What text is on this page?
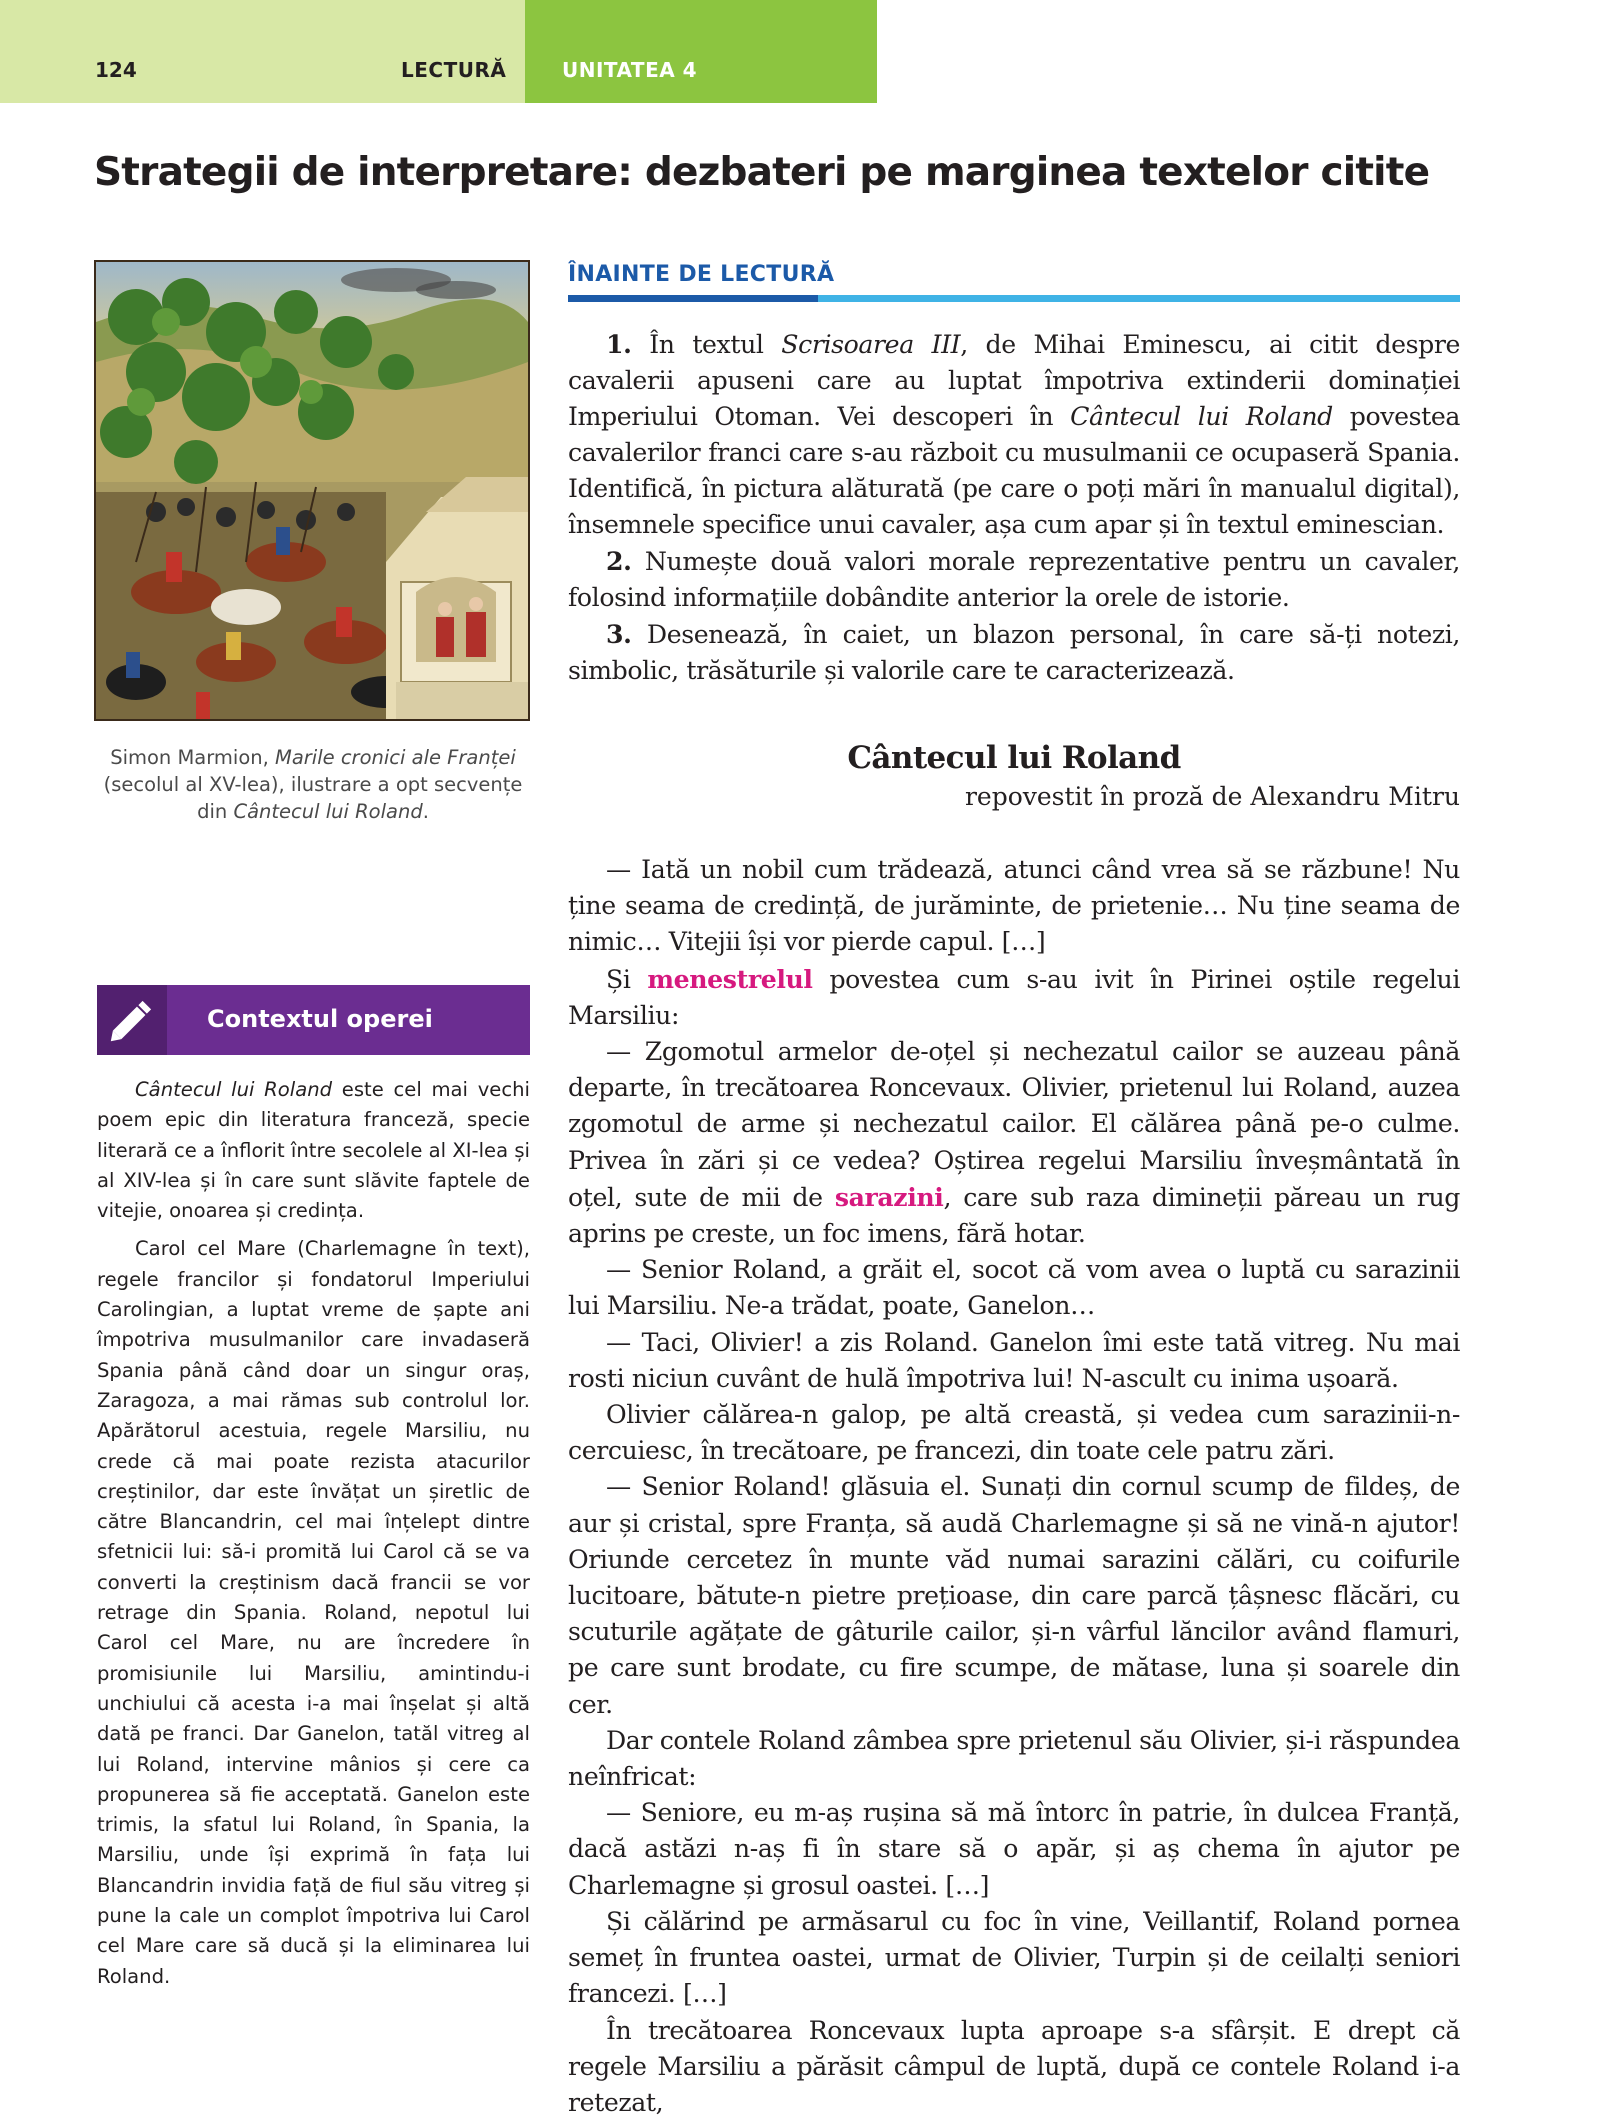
124	LECTURĂ	UNITATEA 4
Strategii de interpretare: dezbateri pe marginea textelor citite
Simon Marmion, Marile cronici ale Franței (secolul al XV-lea), ilustrare a opt secvențe din Cântecul lui Roland.
Contextul operei

Cântecul lui Roland este cel mai vechi poem epic din literatura franceză, specie literară ce a înflorit între secolele al XI-lea și al XIV-lea și în care sunt slăvite faptele de vitejie, onoarea și credința.

Carol cel Mare (Charlemagne în text), regele francilor și fondatorul Imperiului Carolingian, a luptat vreme de șapte ani împotriva musulmanilor care invadaseră Spania până când doar un singur oraș, Zaragoza, a mai rămas sub controlul lor. Apărătorul acestuia, regele Marsiliu, nu crede că mai poate rezista atacurilor creștinilor, dar este învățat un șiretlic de către Blancandrin, cel mai înțelept dintre sfetnicii lui: să-i promită lui Carol că se va converti la creștinism dacă francii se vor retrage din Spania. Roland, nepotul lui Carol cel Mare, nu are încredere în promisiunile lui Marsiliu, amintindu-i unchiului că acesta i-a mai înșelat și altă dată pe franci. Dar Ganelon, tatăl vitreg al lui Roland, intervine mânios și cere ca propunerea să fie acceptată. Ganelon este trimis, la sfatul lui Roland, în Spania, la Marsiliu, unde își exprimă în fața lui Blancandrin invidia față de fiul său vitreg și pune la cale un complot împotriva lui Carol cel Mare care să ducă și la eliminarea lui Roland.

ÎNAINTE DE LECTURĂ

1. În textul Scrisoarea III, de Mihai Eminescu, ai citit despre cavalerii apuseni care au luptat împotriva extinderii dominației Imperiului Otoman. Vei descoperi în Cântecul lui Roland povestea cavalerilor franci care s-au războit cu musulmanii ce ocupaseră Spania. Identifică, în pictura alăturată (pe care o poți mări în manualul digital), însemnele specifice unui cavaler, așa cum apar și în textul eminescian.

2. Numește două valori morale reprezentative pentru un cavaler, folosind informațiile dobândite anterior la orele de istorie.

3. Desenează, în caiet, un blazon personal, în care să-ți notezi, simbolic, trăsăturile și valorile care te caracterizează.

Cântecul lui Roland
repovestit în proză de Alexandru Mitru

— Iată un nobil cum trădează, atunci când vrea să se răzbune! Nu ține seama de credință, de jurăminte, de prietenie… Nu ține seama de nimic… Vitejii își vor pierde capul. […]

Și menestrelul povestea cum s-au ivit în Pirinei oștile regelui Marsiliu:

— Zgomotul armelor de-oțel și nechezatul cailor se auzeau până departe, în trecătoarea Roncevaux. Olivier, prietenul lui Roland, auzea zgomotul de arme și nechezatul cailor. El călărea până pe-o culme. Privea în zări și ce vedea? Oștirea regelui Marsiliu înveșmântată în oțel, sute de mii de sarazini, care sub raza dimineții păreau un rug aprins pe creste, un foc imens, fără hotar.

— Senior Roland, a grăit el, socot că vom avea o luptă cu sarazinii lui Marsiliu. Ne-a trădat, poate, Ganelon…

— Taci, Olivier! a zis Roland. Ganelon îmi este tată vitreg. Nu mai rosti niciun cuvânt de hulă împotriva lui! N-ascult cu inima ușoară.

Olivier călărea-n galop, pe altă creastă, și vedea cum sarazinii-n-cercuiesc, în trecătoare, pe francezi, din toate cele patru zări.

— Senior Roland! glăsuia el. Sunați din cornul scump de fildeș, de aur și cristal, spre Franța, să audă Charlemagne și să ne vină-n ajutor! Oriunde cercetez în munte văd numai sarazini călări, cu coifurile lucitoare, bătute-n pietre prețioase, din care parcă țâșnesc flăcări, cu scuturile agățate de gâturile cailor, și-n vârful lăncilor având flamuri, pe care sunt brodate, cu fire scumpe, de mătase, luna și soarele din cer.

Dar contele Roland zâmbea spre prietenul său Olivier, și-i răspundea neînfricat:

— Seniore, eu m-aș rușina să mă întorc în patrie, în dulcea Franță, dacă astăzi n-aș fi în stare să o apăr, și aș chema în ajutor pe Charlemagne și grosul oastei. […]

Și călărind pe armăsarul cu foc în vine, Veillantif, Roland pornea semeț în fruntea oastei, urmat de Olivier, Turpin și de ceilalți seniori francezi. […]

În trecătoarea Roncevaux lupta aproape s-a sfârșit. E drept că regele Marsiliu a părăsit câmpul de luptă, după ce contele Roland i-a retezat,
